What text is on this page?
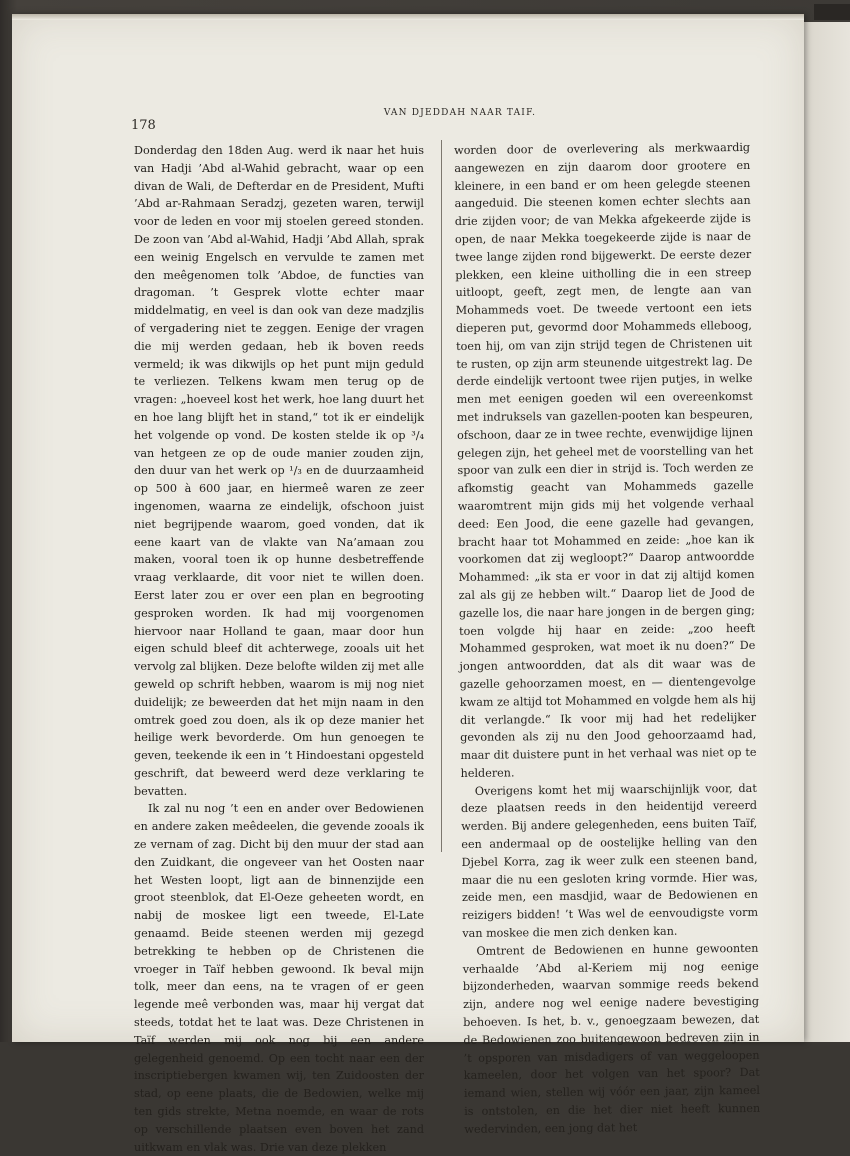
178
VAN DJEDDAH NAAR TAIF.

Donderdag den 18den Aug. werd ik naar het huis van Hadji ’Abd al-Wahid gebracht, waar op een divan de Wali, de Defterdar en de President, Mufti ’Abd ar-Rahmaan Seradzj, gezeten waren, terwijl voor de leden en voor mij stoelen gereed stonden. De zoon van ’Abd al-Wahid, Hadji ’Abd Allah, sprak een weinig Engelsch en vervulde te zamen met den meêgenomen tolk ’Abdoe, de functies van dragoman. ’t Gesprek vlotte echter maar middelmatig, en veel is dan ook van deze madzjlis of vergadering niet te zeggen. Eenige der vragen die mij werden gedaan, heb ik boven reeds vermeld; ik was dikwijls op het punt mijn geduld te verliezen. Telkens kwam men terug op de vragen: „hoeveel kost het werk, hoe lang duurt het en hoe lang blijft het in stand,“ tot ik er eindelijk het volgende op vond. De kosten stelde ik op ³/₄ van hetgeen ze op de oude manier zouden zijn, den duur van het werk op ¹/₃ en de duurzaamheid op 500 à 600 jaar, en hiermeê waren ze zeer ingenomen, waarna ze eindelijk, ofschoon juist niet begrijpende waarom, goed vonden, dat ik eene kaart van de vlakte van Na’amaan zou maken, vooral toen ik op hunne desbetreffende vraag verklaarde, dit voor niet te willen doen. Eerst later zou er over een plan en begrooting gesproken worden. Ik had mij voorgenomen hiervoor naar Holland te gaan, maar door hun eigen schuld bleef dit achterwege, zooals uit het vervolg zal blijken. Deze belofte wilden zij met alle geweld op schrift hebben, waarom is mij nog niet duidelijk; ze beweerden dat het mijn naam in den omtrek goed zou doen, als ik op deze manier het heilige werk bevorderde. Om hun genoegen te geven, teekende ik een in ’t Hindoestani opgesteld geschrift, dat beweerd werd deze verklaring te bevatten.

Ik zal nu nog ’t een en ander over Bedowienen en andere zaken meêdeelen, die gevende zooals ik ze vernam of zag. Dicht bij den muur der stad aan den Zuidkant, die ongeveer van het Oosten naar het Westen loopt, ligt aan de binnenzijde een groot steenblok, dat El-Oeze geheeten wordt, en nabij de moskee ligt een tweede, El-Late genaamd. Beide steenen werden mij gezegd betrekking te hebben op de Christenen die vroeger in Taïf hebben gewoond. Ik beval mijn tolk, meer dan eens, na te vragen of er geen legende meê verbonden was, maar hij vergat dat steeds, totdat het te laat was. Deze Christenen in Taïf werden mij ook nog bij een andere gelegenheid genoemd. Op een tocht naar een der inscriptiebergen kwamen wij, ten Zuidoosten der stad, op eene plaats, die de Bedowien, welke mij ten gids strekte, Metna noemde, en waar de rots op verschillende plaatsen even boven het zand uitkwam en vlak was. Drie van deze plekken

worden door de overlevering als merkwaardig aangewezen en zijn daarom door grootere en kleinere, in een band er om heen gelegde steenen aangeduid. Die steenen komen echter slechts aan drie zijden voor; de van Mekka afgekeerde zijde is open, de naar Mekka toegekeerde zijde is naar de twee lange zijden rond bijgewerkt. De eerste dezer plekken, een kleine uitholling die in een streep uitloopt, geeft, zegt men, de lengte aan van Mohammeds voet. De tweede vertoont een iets dieperen put, gevormd door Mohammeds elleboog, toen hij, om van zijn strijd tegen de Christenen uit te rusten, op zijn arm steunende uitgestrekt lag. De derde eindelijk vertoont twee rijen putjes, in welke men met eenigen goeden wil een overeenkomst met indruksels van gazellen-pooten kan bespeuren, ofschoon, daar ze in twee rechte, evenwijdige lijnen gelegen zijn, het geheel met de voorstelling van het spoor van zulk een dier in strijd is. Toch werden ze afkomstig geacht van Mohammeds gazelle waaromtrent mijn gids mij het volgende verhaal deed: Een Jood, die eene gazelle had gevangen, bracht haar tot Mohammed en zeide: „hoe kan ik voorkomen dat zij wegloopt?“ Daarop antwoordde Mohammed: „ik sta er voor in dat zij altijd komen zal als gij ze hebben wilt.“ Daarop liet de Jood de gazelle los, die naar hare jongen in de bergen ging; toen volgde hij haar en zeide: „zoo heeft Mohammed gesproken, wat moet ik nu doen?“ De jongen antwoordden, dat als dit waar was de gazelle gehoorzamen moest, en — dientengevolge kwam ze altijd tot Mohammed en volgde hem als hij dit verlangde.“ Ik voor mij had het redelijker gevonden als zij nu den Jood gehoorzaamd had, maar dit duistere punt in het verhaal was niet op te helderen.

Overigens komt het mij waarschijnlijk voor, dat deze plaatsen reeds in den heidentijd vereerd werden. Bij andere gelegenheden, eens buiten Taïf, een andermaal op de oostelijke helling van den Djebel Korra, zag ik weer zulk een steenen band, maar die nu een gesloten kring vormde. Hier was, zeide men, een masdjid, waar de Bedowienen en reizigers bidden! ’t Was wel de eenvoudigste vorm van moskee die men zich denken kan.

Omtrent de Bedowienen en hunne gewoonten verhaalde ’Abd al-Keriem mij nog eenige bijzonderheden, waarvan sommige reeds bekend zijn, andere nog wel eenige nadere bevestiging behoeven. Is het, b. v., genoegzaam bewezen, dat de Bedowienen zoo buitengewoon bedreven zijn in ’t opsporen van misdadigers of van weggeloopen kameelen, door het volgen van het spoor? Dat iemand wien, stellen wij vóór een jaar, zijn kameel is ontstolen, en die het dier niet heeft kunnen wedervinden, een jong dat het
